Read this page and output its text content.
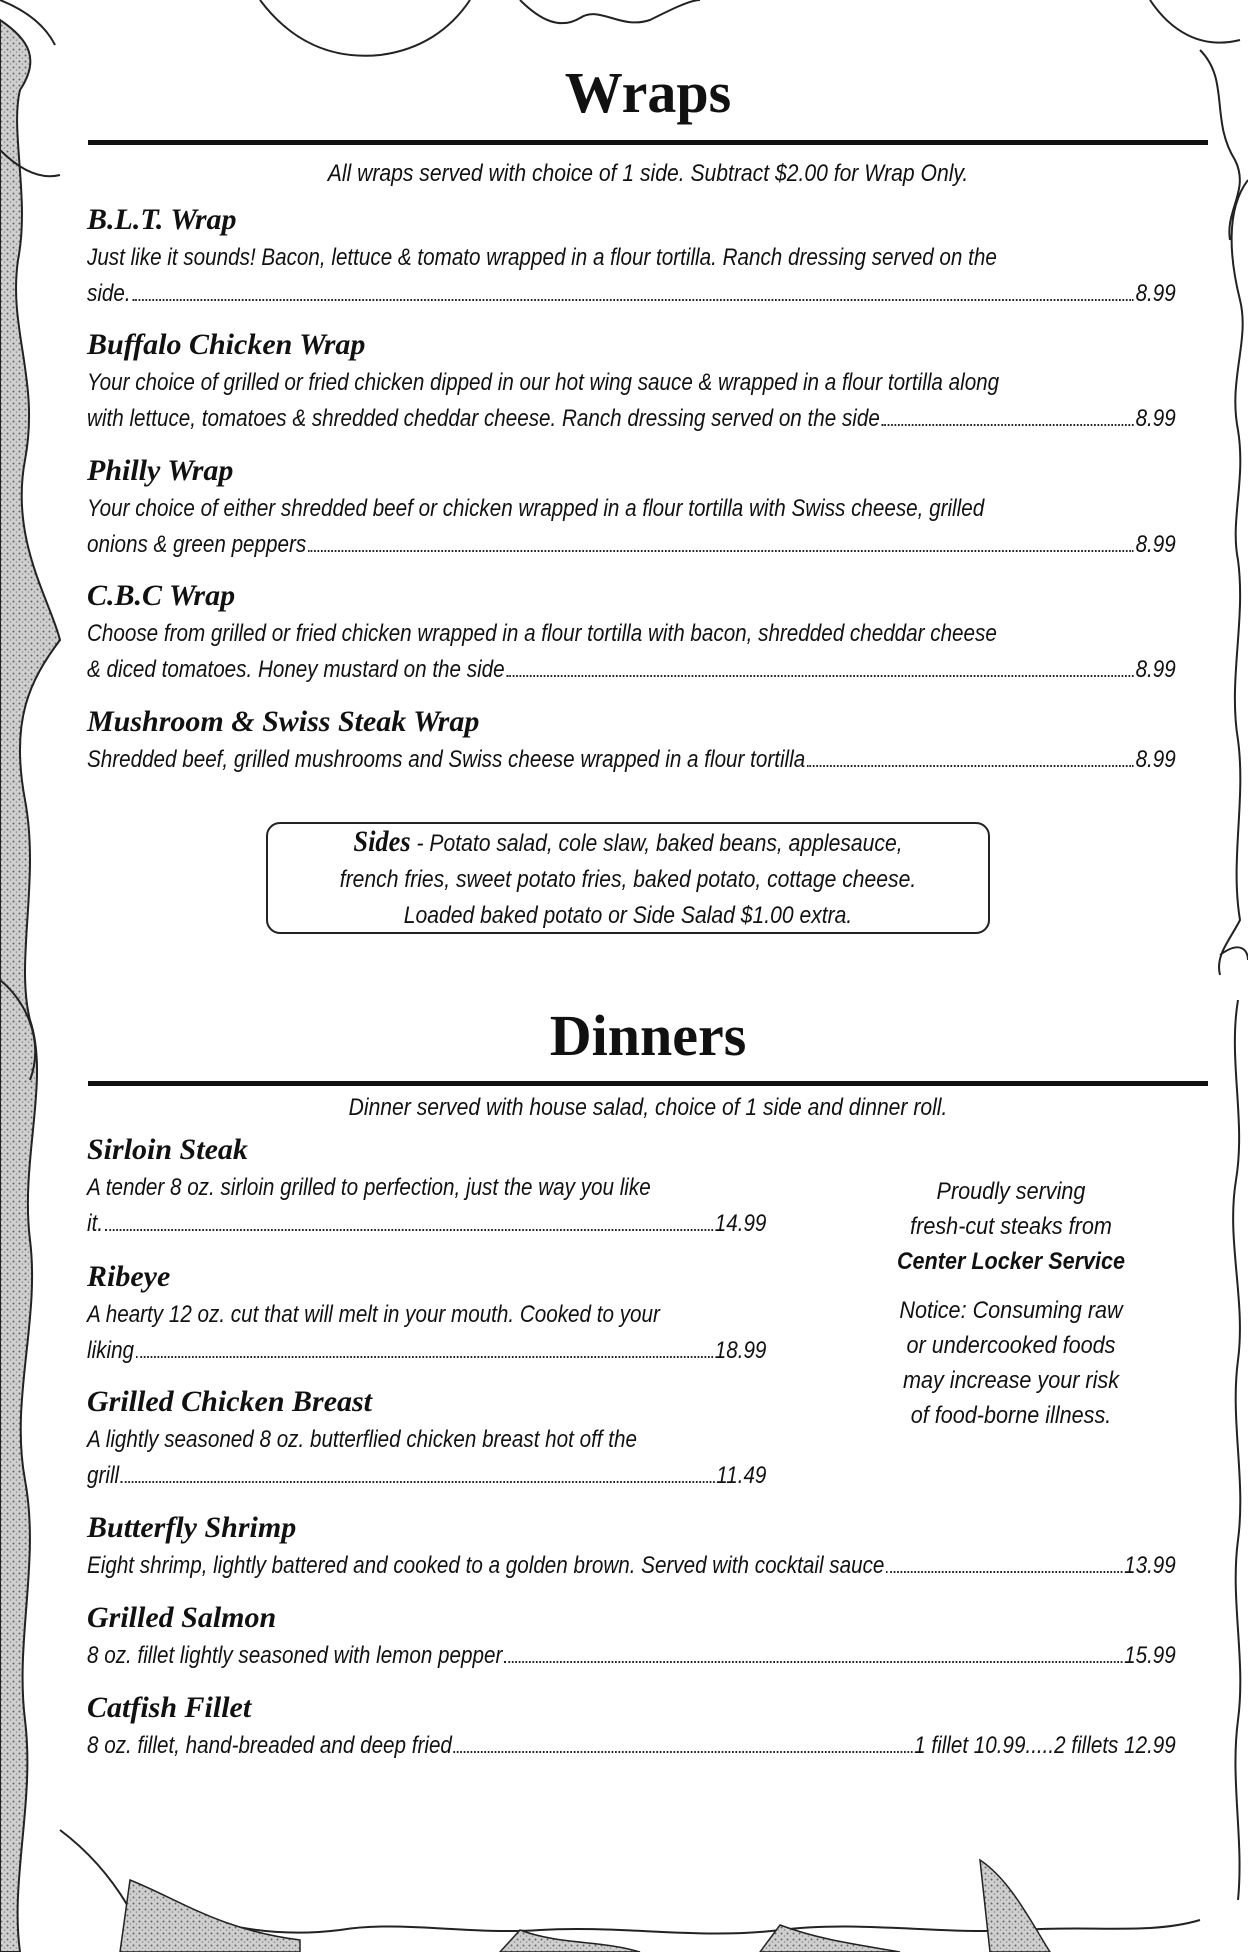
Wraps
All wraps served with choice of 1 side. Subtract $2.00 for Wrap Only.
B.L.T. Wrap
Just like it sounds! Bacon, lettuce & tomato wrapped in a flour tortilla. Ranch dressing served on the
side.	8.99
Buffalo Chicken Wrap
Your choice of grilled or fried chicken dipped in our hot wing sauce & wrapped in a flour tortilla along
with lettuce, tomatoes & shredded cheddar cheese. Ranch dressing served on the side	8.99
Philly Wrap
Your choice of either shredded beef or chicken wrapped in a flour tortilla with Swiss cheese, grilled
onions & green peppers	8.99
C.B.C Wrap
Choose from grilled or fried chicken wrapped in a flour tortilla with bacon, shredded cheddar cheese
& diced tomatoes. Honey mustard on the side	8.99
Mushroom & Swiss Steak Wrap
Shredded beef, grilled mushrooms and Swiss cheese wrapped in a flour tortilla	8.99
Sides - Potato salad, cole slaw, baked beans, applesauce,
french fries, sweet potato fries, baked potato, cottage cheese.
Loaded baked potato or Side Salad $1.00 extra.
Dinners
Dinner served with house salad, choice of 1 side and dinner roll.
Sirloin Steak
A tender 8 oz. sirloin grilled to perfection, just the way you like
it.	14.99
Ribeye
A hearty 12 oz. cut that will melt in your mouth. Cooked to your
liking	18.99
Grilled Chicken Breast
A lightly seasoned 8 oz. butterflied chicken breast hot off the
grill	11.49
Butterfly Shrimp
Eight shrimp, lightly battered and cooked to a golden brown. Served with cocktail sauce	13.99
Grilled Salmon
8 oz. fillet lightly seasoned with lemon pepper	15.99
Catfish Fillet
8 oz. fillet, hand-breaded and deep fried	1 fillet 10.99.....2 fillets 12.99
Proudly serving
fresh-cut steaks from
Center Locker Service
Notice: Consuming raw
or undercooked foods
may increase your risk
of food-borne illness.
